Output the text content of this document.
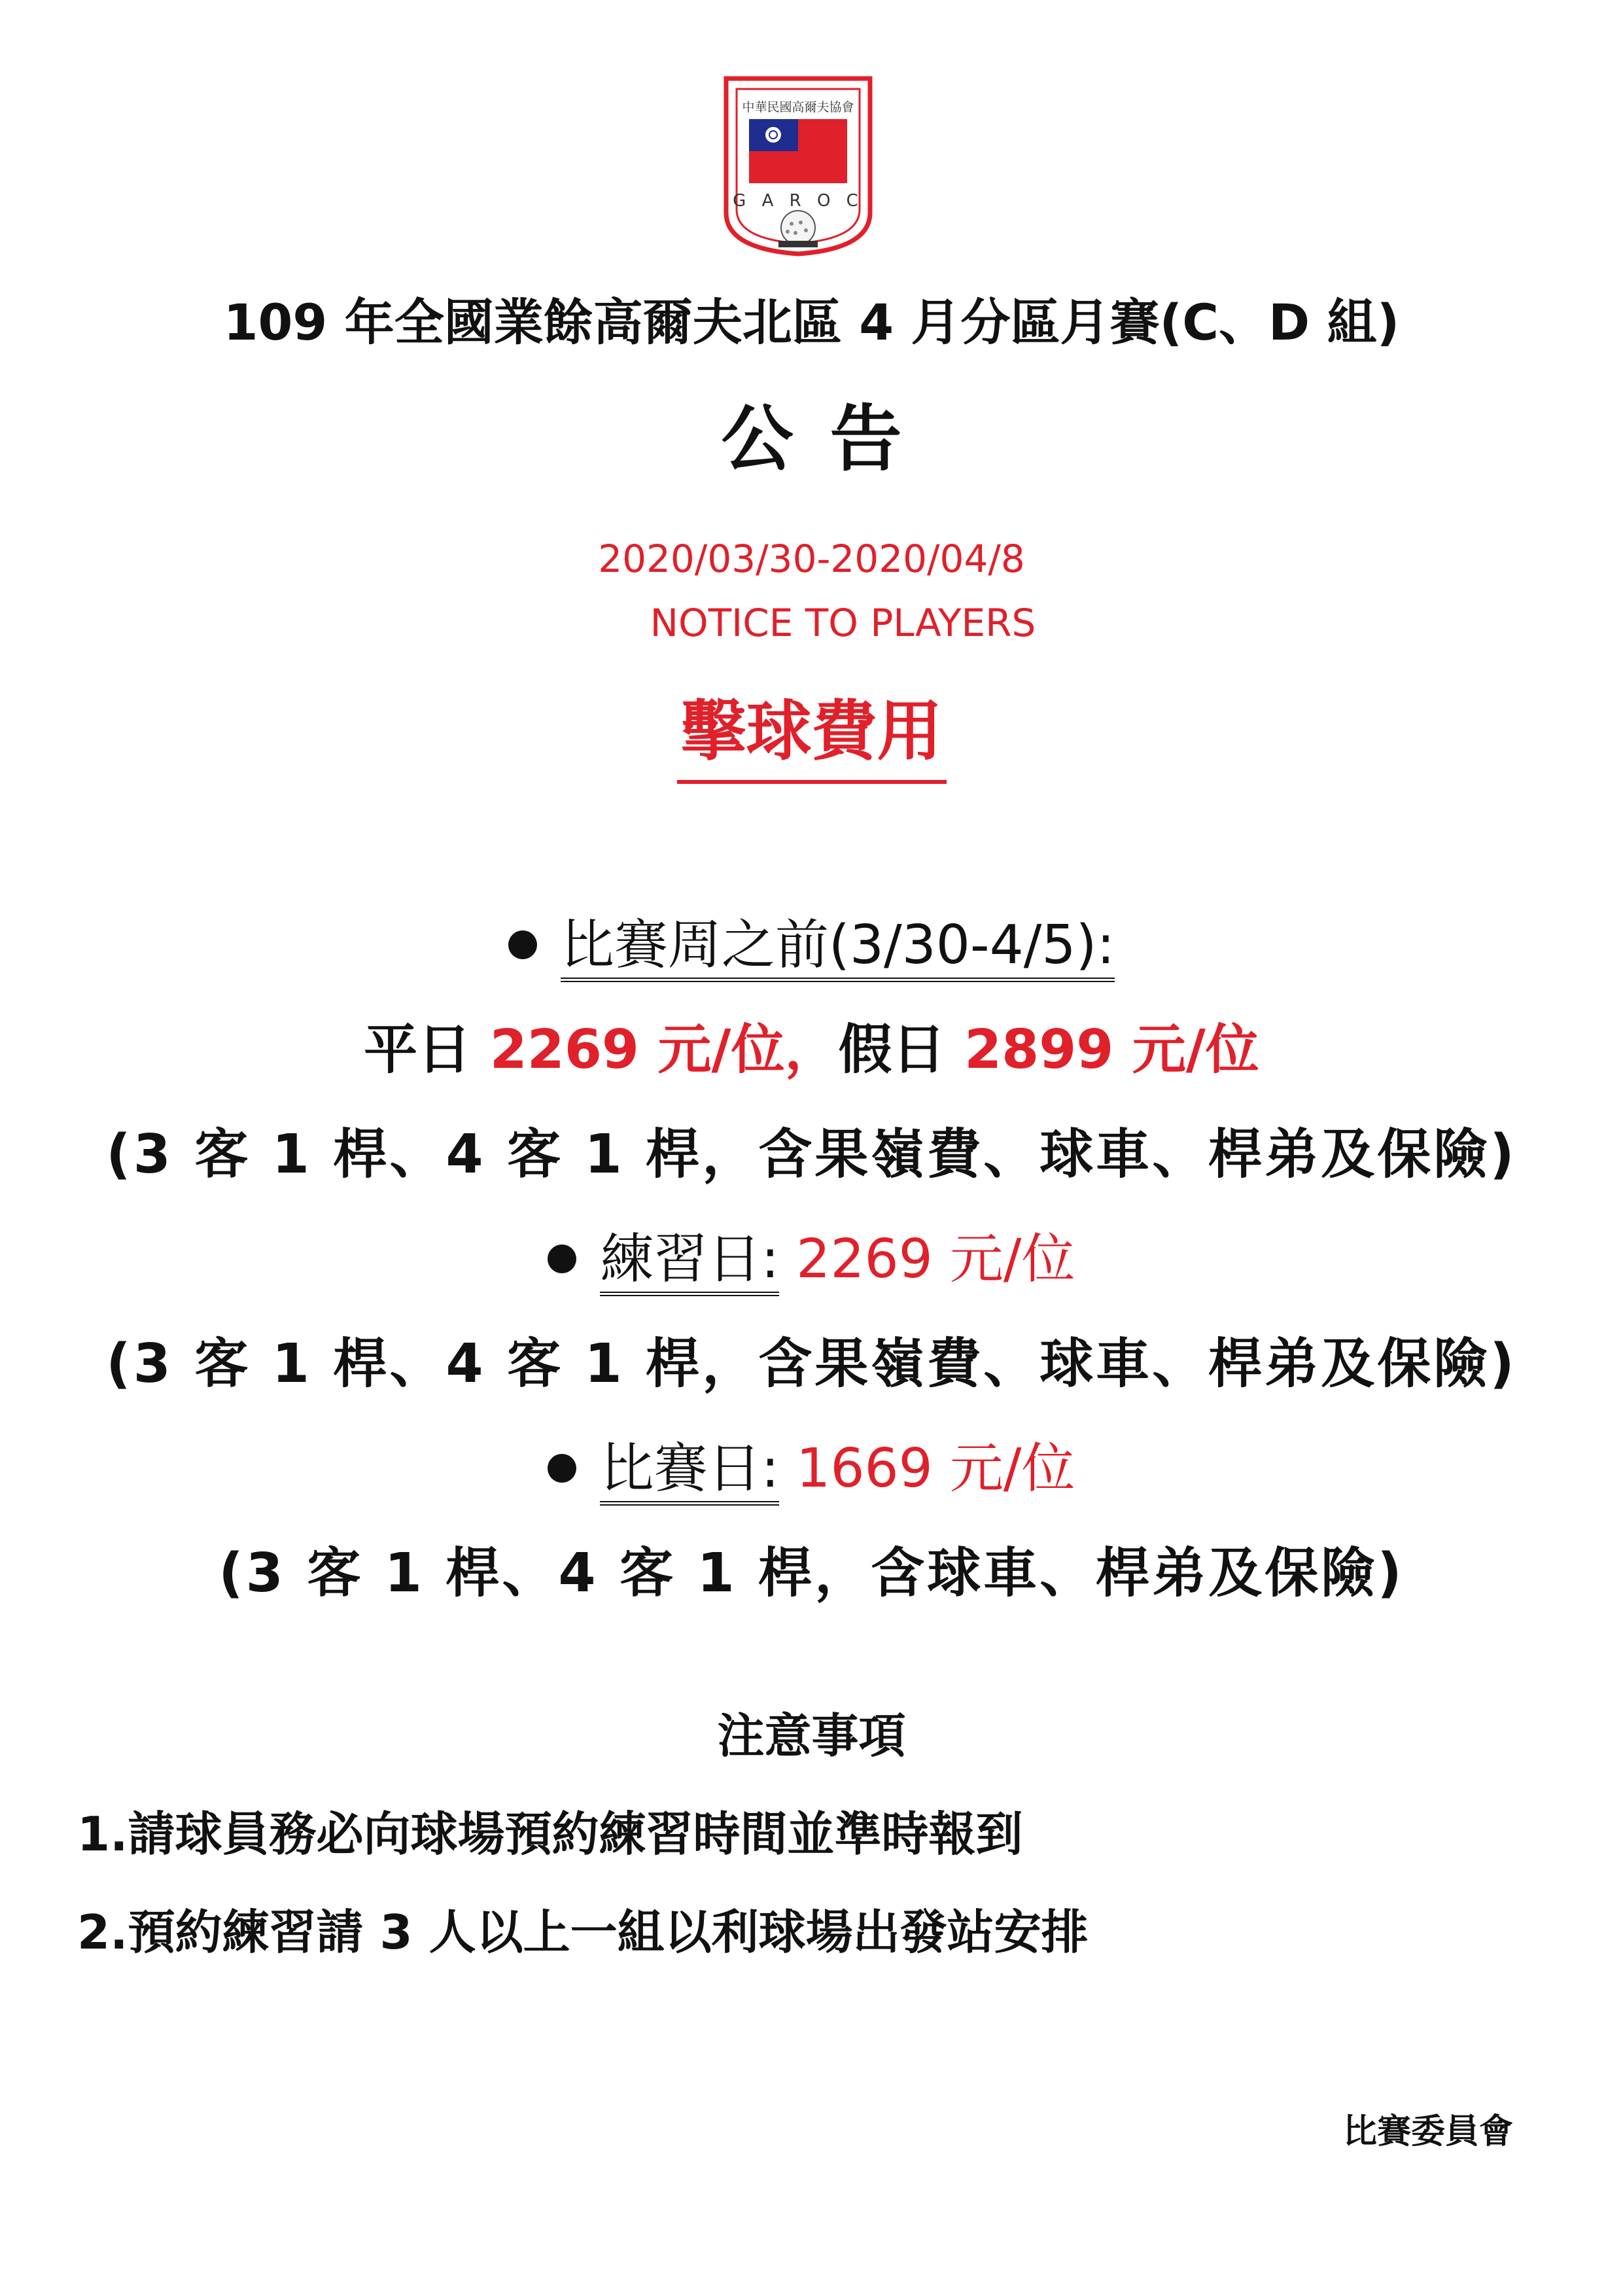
中華民國高爾夫協會
G A R O C
109 年全國業餘高爾夫北區 4 月分區月賽(C、D 組)
公告
2020/03/30-2020/04/8
NOTICE TO PLAYERS
擊球費用
比賽周之前(3/30-4/5):
平日 2269 元/位，假日 2899 元/位
(3 客 1 桿、4 客 1 桿，含果嶺費、球車、桿弟及保險)
練習日: 2269 元/位
(3 客 1 桿、4 客 1 桿，含果嶺費、球車、桿弟及保險)
比賽日: 1669 元/位
(3 客 1 桿、4 客 1 桿，含球車、桿弟及保險)
注意事項
1.請球員務必向球場預約練習時間並準時報到
2.預約練習請 3 人以上一組以利球場出發站安排
比賽委員會
